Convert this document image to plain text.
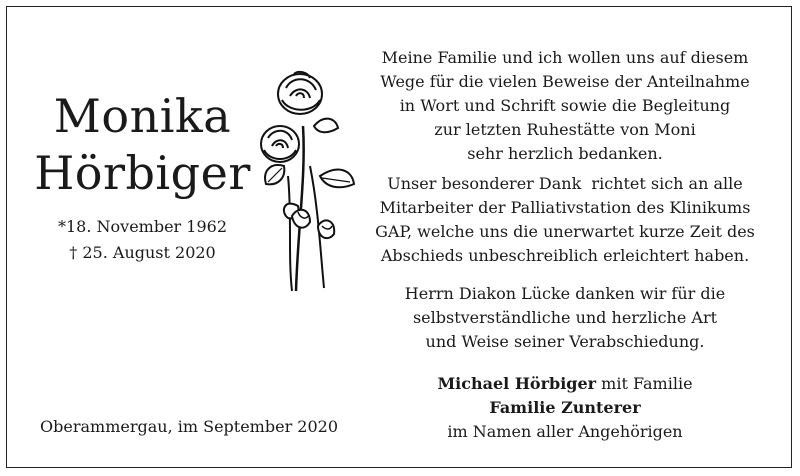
Monika
Hörbiger
*18. November 1962
† 25. August 2020
Meine Familie und ich wollen uns auf diesem
Wege für die vielen Beweise der Anteilnahme
in Wort und Schrift sowie die Begleitung
zur letzten Ruhestätte von Moni
sehr herzlich bedanken.
Unser besonderer Dank  richtet sich an alle
Mitarbeiter der Palliativstation des Klinikums
GAP, welche uns die unerwartet kurze Zeit des
Abschieds unbeschreiblich erleichtert haben.
Herrn Diakon Lücke danken wir für die
selbstverständliche und herzliche Art
und Weise seiner Verabschiedung.
Michael Hörbiger mit Familie
Familie Zunterer
im Namen aller Angehörigen
Oberammergau, im September 2020
